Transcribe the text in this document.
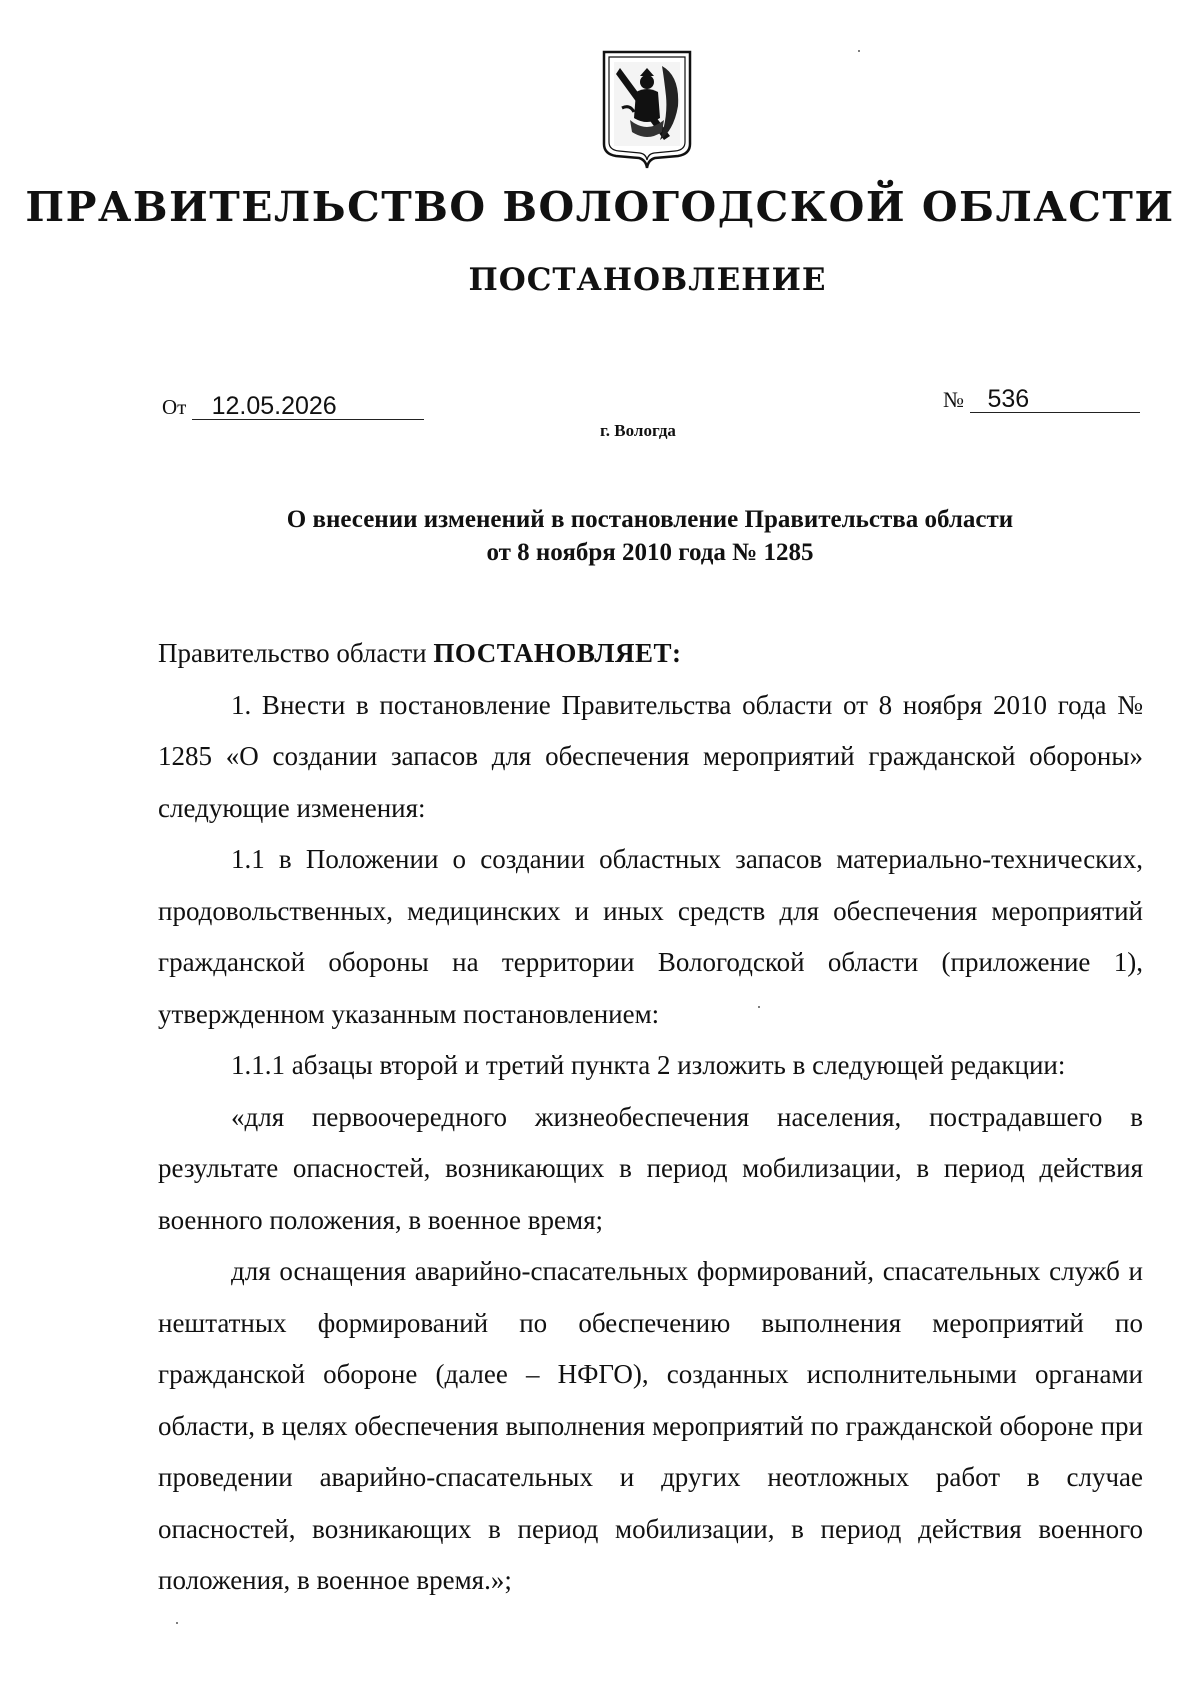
ПРАВИТЕЛЬСТВО ВОЛОГОДСКОЙ ОБЛАСТИ
ПОСТАНОВЛЕНИЕ
От 12.05.2026	№ 536
г. Вологда
О внесении изменений в постановление Правительства области
от 8 ноября 2010 года № 1285

Правительство области ПОСТАНОВЛЯЕТ:

1. Внести в постановление Правительства области от 8 ноября 2010 года № 1285 «О создании запасов для обеспечения мероприятий гражданской обороны» следующие изменения:

1.1 в Положении о создании областных запасов материально-технических, продовольственных, медицинских и иных средств для обеспечения мероприятий гражданской обороны на территории Вологодской области (приложение 1), утвержденном указанным постановлением:

1.1.1 абзацы второй и третий пункта 2 изложить в следующей редакции:

«для первоочередного жизнеобеспечения населения, пострадавшего в результате опасностей, возникающих в период мобилизации, в период действия военного положения, в военное время;

для оснащения аварийно-спасательных формирований, спасательных служб и нештатных формирований по обеспечению выполнения мероприятий по гражданской обороне (далее – НФГО), созданных исполнительными органами области, в целях обеспечения выполнения мероприятий по гражданской обороне при проведении аварийно-спасательных и других неотложных работ в случае опасностей, возникающих в период мобилизации, в период действия военного положения, в военное время.»;
